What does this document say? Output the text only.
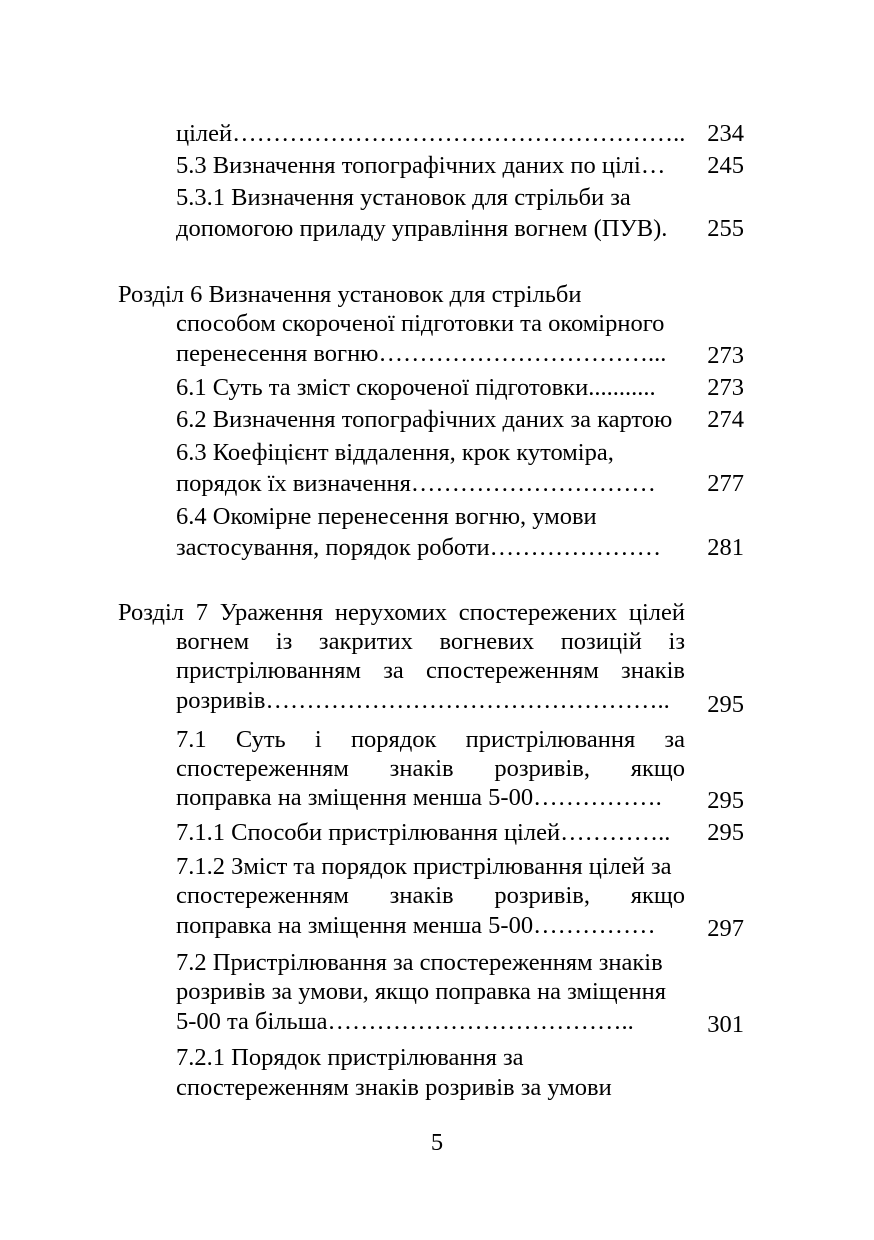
цілей……………………………………………….. 234
5.3 Визначення топографічних даних по цілі… 245
5.3.1 Визначення установок для стрільби за
допомогою приладу управління вогнем (ПУВ). 255
Розділ 6 Визначення установок для стрільби
способом скороченої підготовки та окомірного
перенесення вогню……………………………... 273
6.1 Суть та зміст скороченої підготовки........... 273
6.2 Визначення топографічних даних за картою 274
6.3 Коефіцієнт віддалення, крок кутоміра,
порядок їх визначення………………………… 277
6.4 Окомірне перенесення вогню, умови
застосування, порядок роботи………………… 281
Розділ 7 Ураження нерухомих спостережених цілей
вогнем із закритих вогневих позицій із
пристрілюванням за спостереженням знаків
розривів………………………………………….. 295
7.1 Суть і порядок пристрілювання за
спостереженням знаків розривів, якщо
поправка на зміщення менша 5-00……………. 295
7.1.1 Способи пристрілювання цілей………….. 295
7.1.2 Зміст та порядок пристрілювання цілей за
спостереженням знаків розривів, якщо
поправка на зміщення менша 5-00…………… 297
7.2 Пристрілювання за спостереженням знаків
розривів за умови, якщо поправка на зміщення
5-00 та більша………………………………..	301
7.2.1 Порядок пристрілювання за
спостереженням знаків розривів за умови
5
